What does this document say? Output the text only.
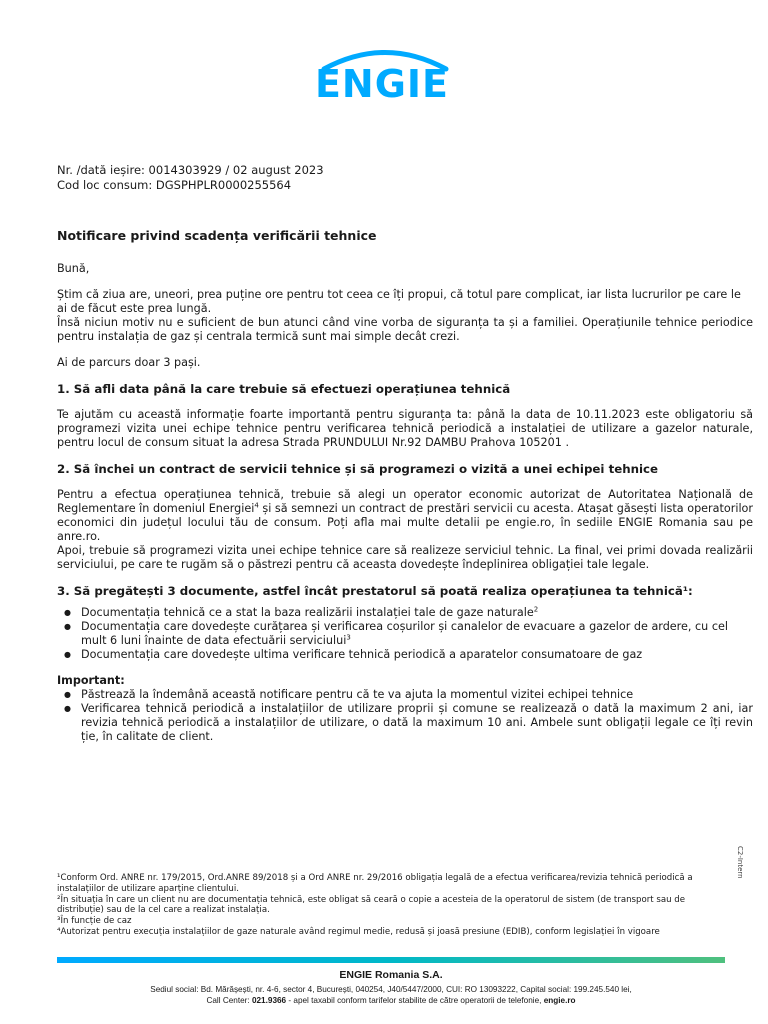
ENGIE
Nr. /dată ieșire: 0014303929 / 02 august 2023
Cod loc consum: DGSPHPLR0000255564
Notificare privind scadența verificării tehnice

Bună,

Știm că ziua are, uneori, prea puține ore pentru tot ceea ce îți propui, că totul pare complicat, iar lista lucrurilor pe care le ai de făcut este prea lungă.

Însă niciun motiv nu e suficient de bun atunci când vine vorba de siguranța ta și a familiei. Operațiunile tehnice periodice pentru instalația de gaz și centrala termică sunt mai simple decât crezi.

Ai de parcurs doar 3 pași.

1. Să afli data până la care trebuie să efectuezi operațiunea tehnică

Te ajutăm cu această informație foarte importantă pentru siguranța ta: până la data de 10.11.2023 este obligatoriu să programezi vizita unei echipe tehnice pentru verificarea tehnică periodică a instalației de utilizare a gazelor naturale, pentru locul de consum situat la adresa Strada PRUNDULUI Nr.92 DAMBU Prahova 105201 .

2. Să închei un contract de servicii tehnice și să programezi o vizită a unei echipei tehnice

Pentru a efectua operațiunea tehnică, trebuie să alegi un operator economic autorizat de Autoritatea Națională de Reglementare în domeniul Energiei$^4$ și să semnezi un contract de prestări servicii cu acesta. Atașat găsești lista operatorilor economici din județul locului tău de consum. Poți afla mai multe detalii pe engie.ro, în sediile ENGIE Romania sau pe anre.ro.

Apoi, trebuie să programezi vizita unei echipe tehnice care să realizeze serviciul tehnic. La final, vei primi dovada realizării serviciului, pe care te rugăm să o păstrezi pentru că aceasta dovedește îndeplinirea obligației tale legale.

3. Să pregătești 3 documente, astfel încât prestatorul să poată realiza operațiunea ta tehnică¹:

● Documentația tehnică ce a stat la baza realizării instalației tale de gaze naturale$^2$
● Documentația care dovedește curățarea și verificarea coșurilor și canalelor de evacuare a gazelor de ardere, cu cel mult 6 luni înainte de data efectuării serviciului$^3$
● Documentația care dovedește ultima verificare tehnică periodică a aparatelor consumatoare de gaz

Important:

● Păstrează la îndemână această notificare pentru că te va ajuta la momentul vizitei echipei tehnice
● Verificarea tehnică periodică a instalațiilor de utilizare proprii și comune se realizează o dată la maximum 2 ani, iar revizia tehnică periodică a instalațiilor de utilizare, o dată la maximum 10 ani. Ambele sunt obligații legale ce îți revin ție, în calitate de client.
C2-Intern

¹Conform Ord. ANRE nr. 179/2015, Ord.ANRE 89/2018 și a Ord ANRE nr. 29/2016 obligația legală de a efectua verificarea/revizia tehnică periodică a instalațiilor de utilizare aparține clientului.

²În situația în care un client nu are documentația tehnică, este obligat să ceară o copie a acesteia de la operatorul de sistem (de transport sau de distribuție) sau de la cel care a realizat instalația.

³În funcție de caz

⁴Autorizat pentru execuția instalațiilor de gaze naturale având regimul medie, redusă și joasă presiune (EDIB), conform legislației în vigoare

ENGIE Romania S.A.
Sediul social: Bd. Mărășești, nr. 4-6, sector 4, București, 040254, J40/5447/2000, CUI: RO 13093222, Capital social: 199.245.540 lei,
Call Center: 021.9366 - apel taxabil conform tarifelor stabilite de către operatorii de telefonie, engie.ro
